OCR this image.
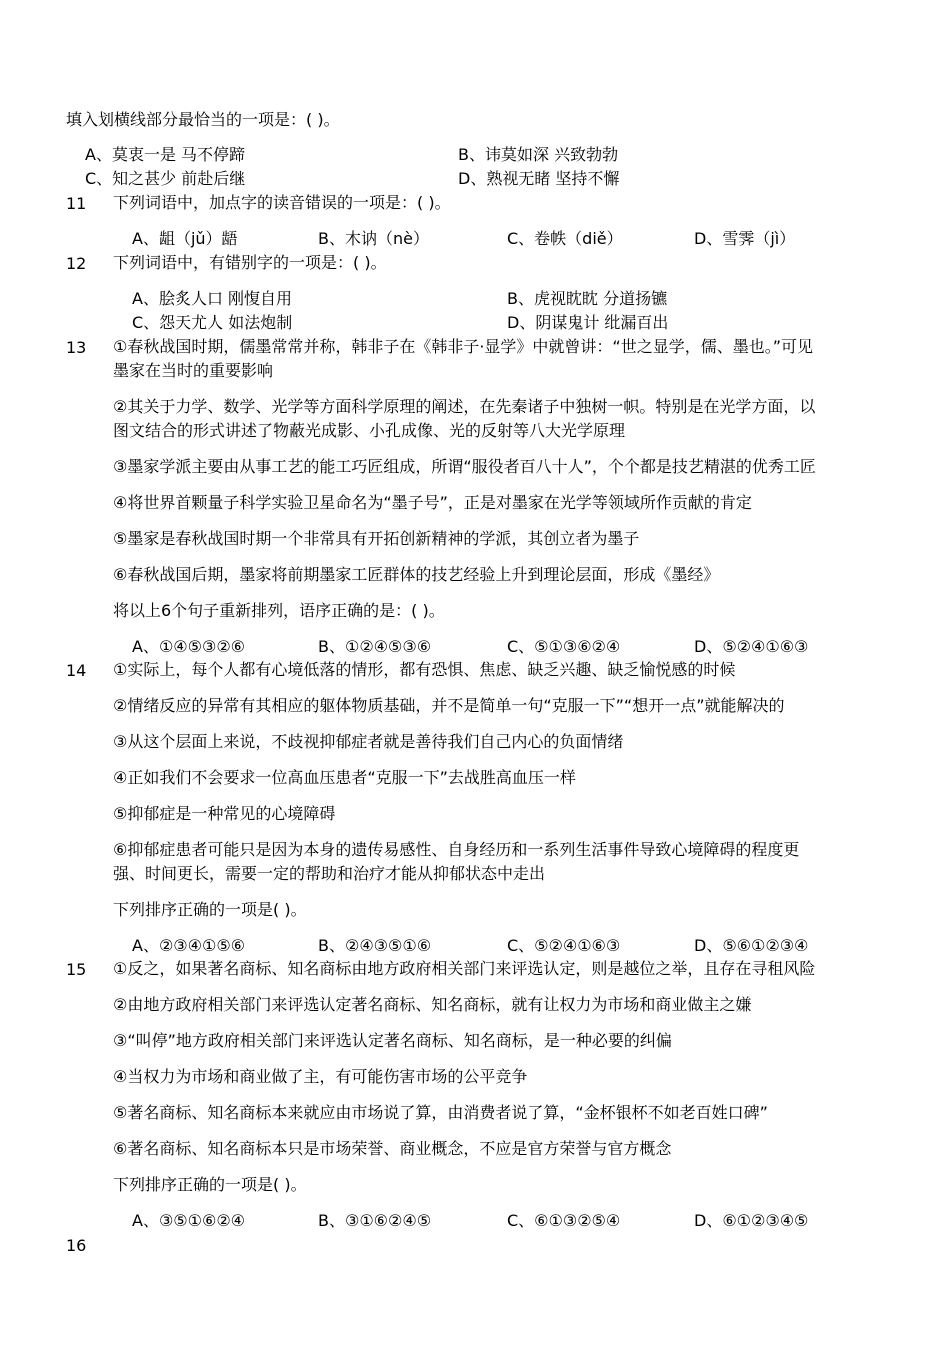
填入划横线部分最恰当的一项是：( )。
A、莫衷一是 马不停蹄	B、讳莫如深 兴致勃勃
C、知之甚少 前赴后继	D、熟视无睹 坚持不懈
11 下列词语中，加点字的读音错误的一项是：( )。
A、龃（jǔ）龉	B、木讷（nè）	C、卷帙（diě）	D、雪霁（jì）
12 下列词语中，有错别字的一项是：( )。
A、脍炙人口 刚愎自用	B、虎视眈眈 分道扬镳
C、怨天尤人 如法炮制	D、阴谋鬼计 纰漏百出
13 ①春秋战国时期，儒墨常常并称，韩非子在《韩非子·显学》中就曾讲：“世之显学，儒、墨也。”可见
墨家在当时的重要影响
②其关于力学、数学、光学等方面科学原理的阐述，在先秦诸子中独树一帜。特别是在光学方面，以
图文结合的形式讲述了物蔽光成影、小孔成像、光的反射等八大光学原理
③墨家学派主要由从事工艺的能工巧匠组成，所谓“服役者百八十人”，个个都是技艺精湛的优秀工匠
④将世界首颗量子科学实验卫星命名为“墨子号”，正是对墨家在光学等领域所作贡献的肯定
⑤墨家是春秋战国时期一个非常具有开拓创新精神的学派，其创立者为墨子
⑥春秋战国后期，墨家将前期墨家工匠群体的技艺经验上升到理论层面，形成《墨经》
将以上6个句子重新排列，语序正确的是：( )。
A、①④⑤③②⑥	B、①②④⑤③⑥	C、⑤①③⑥②④	D、⑤②④①⑥③
14 ①实际上，每个人都有心境低落的情形，都有恐惧、焦虑、缺乏兴趣、缺乏愉悦感的时候
②情绪反应的异常有其相应的躯体物质基础，并不是简单一句“克服一下”“想开一点”就能解决的
③从这个层面上来说，不歧视抑郁症者就是善待我们自己内心的负面情绪
④正如我们不会要求一位高血压患者“克服一下”去战胜高血压一样
⑤抑郁症是一种常见的心境障碍
⑥抑郁症患者可能只是因为本身的遗传易感性、自身经历和一系列生活事件导致心境障碍的程度更
强、时间更长，需要一定的帮助和治疗才能从抑郁状态中走出
下列排序正确的一项是( )。
A、②③④①⑤⑥	B、②④③⑤①⑥	C、⑤②④①⑥③	D、⑤⑥①②③④
15 ①反之，如果著名商标、知名商标由地方政府相关部门来评选认定，则是越位之举，且存在寻租风险
②由地方政府相关部门来评选认定著名商标、知名商标，就有让权力为市场和商业做主之嫌
③“叫停”地方政府相关部门来评选认定著名商标、知名商标，是一种必要的纠偏
④当权力为市场和商业做了主，有可能伤害市场的公平竞争
⑤著名商标、知名商标本来就应由市场说了算，由消费者说了算，“金杯银杯不如老百姓口碑”
⑥著名商标、知名商标本只是市场荣誉、商业概念，不应是官方荣誉与官方概念
下列排序正确的一项是( )。
A、③⑤①⑥②④	B、③①⑥②④⑤	C、⑥①③②⑤④	D、⑥①②③④⑤
16
